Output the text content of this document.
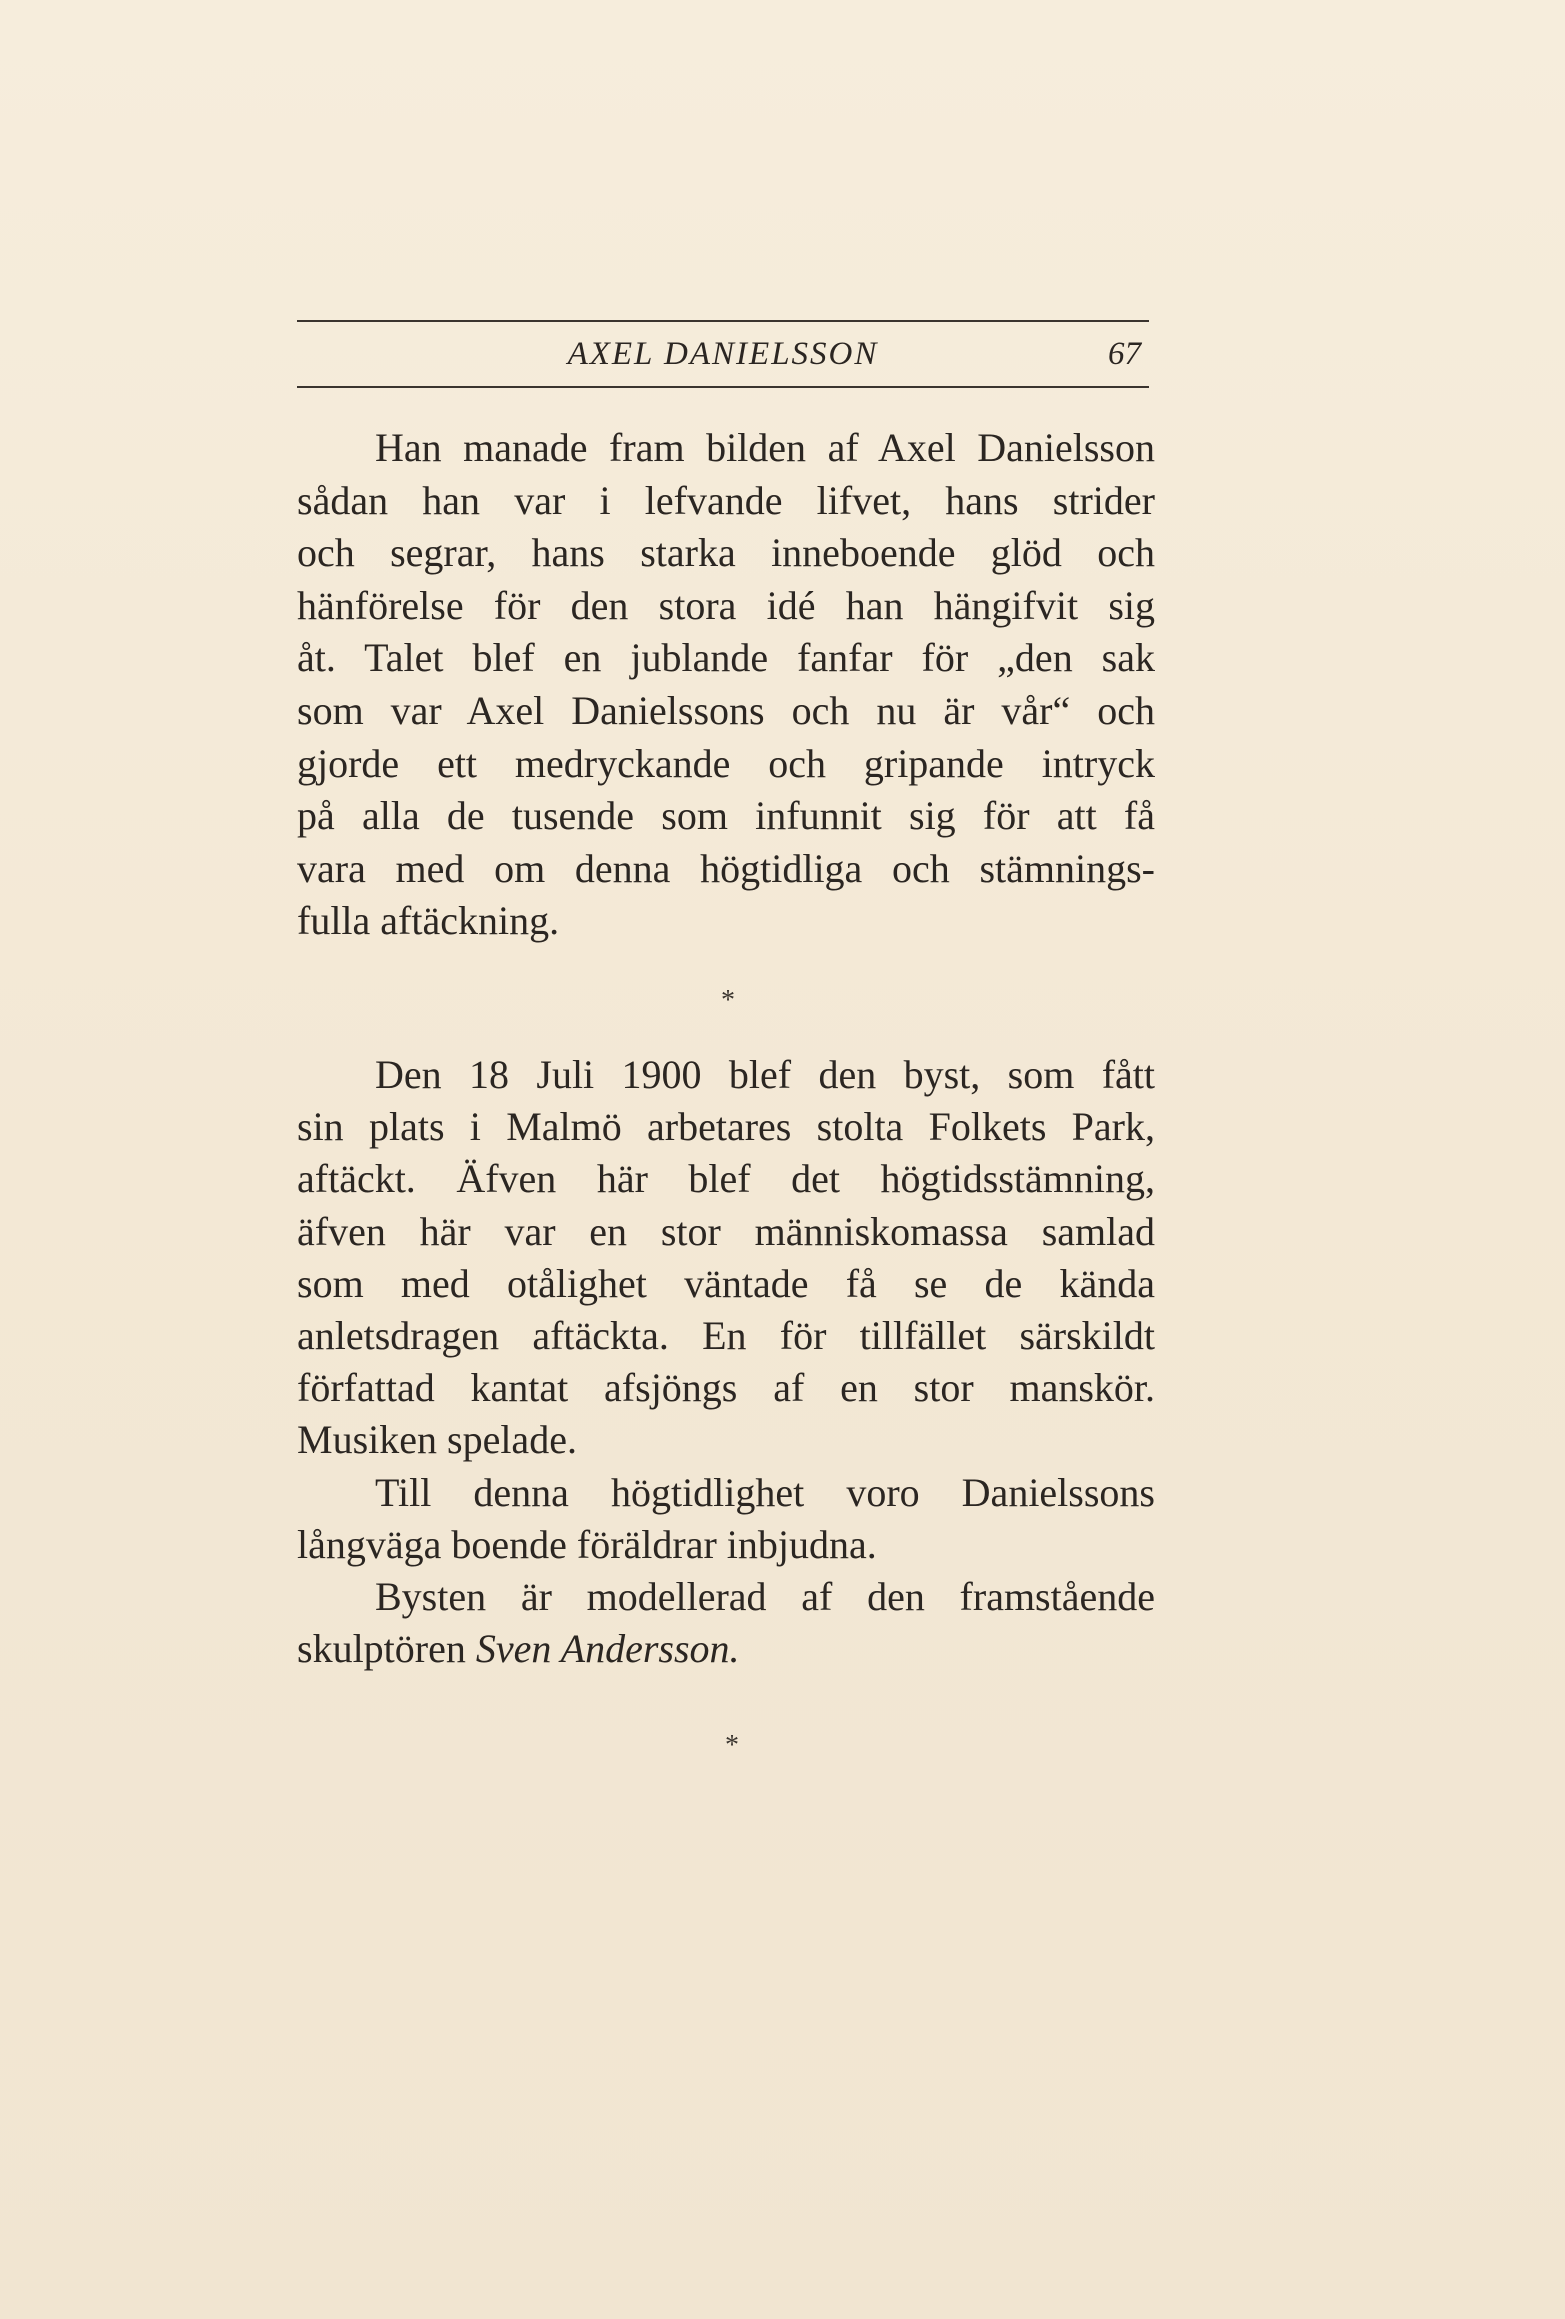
AXEL DANIELSSON	67
Han manade fram bilden af Axel Danielsson
sådan han var i lefvande lifvet, hans strider
och segrar, hans starka inneboende glöd och
hänförelse för den stora idé han hängifvit sig
åt. Talet blef en jublande fanfar för „den sak
som var Axel Danielssons och nu är vår“ och
gjorde ett medryckande och gripande intryck
på alla de tusende som infunnit sig för att få
vara med om denna högtidliga och stämnings-
fulla aftäckning.
*
Den 18 Juli 1900 blef den byst, som fått
sin plats i Malmö arbetares stolta Folkets Park,
aftäckt. Äfven här blef det högtidsstämning,
äfven här var en stor människomassa samlad
som med otålighet väntade få se de kända
anletsdragen aftäckta. En för tillfället särskildt
författad kantat afsjöngs af en stor manskör.
Musiken spelade.
Till denna högtidlighet voro Danielssons
långväga boende föräldrar inbjudna.
Bysten är modellerad af den framstående
skulptören Sven Andersson.
*
